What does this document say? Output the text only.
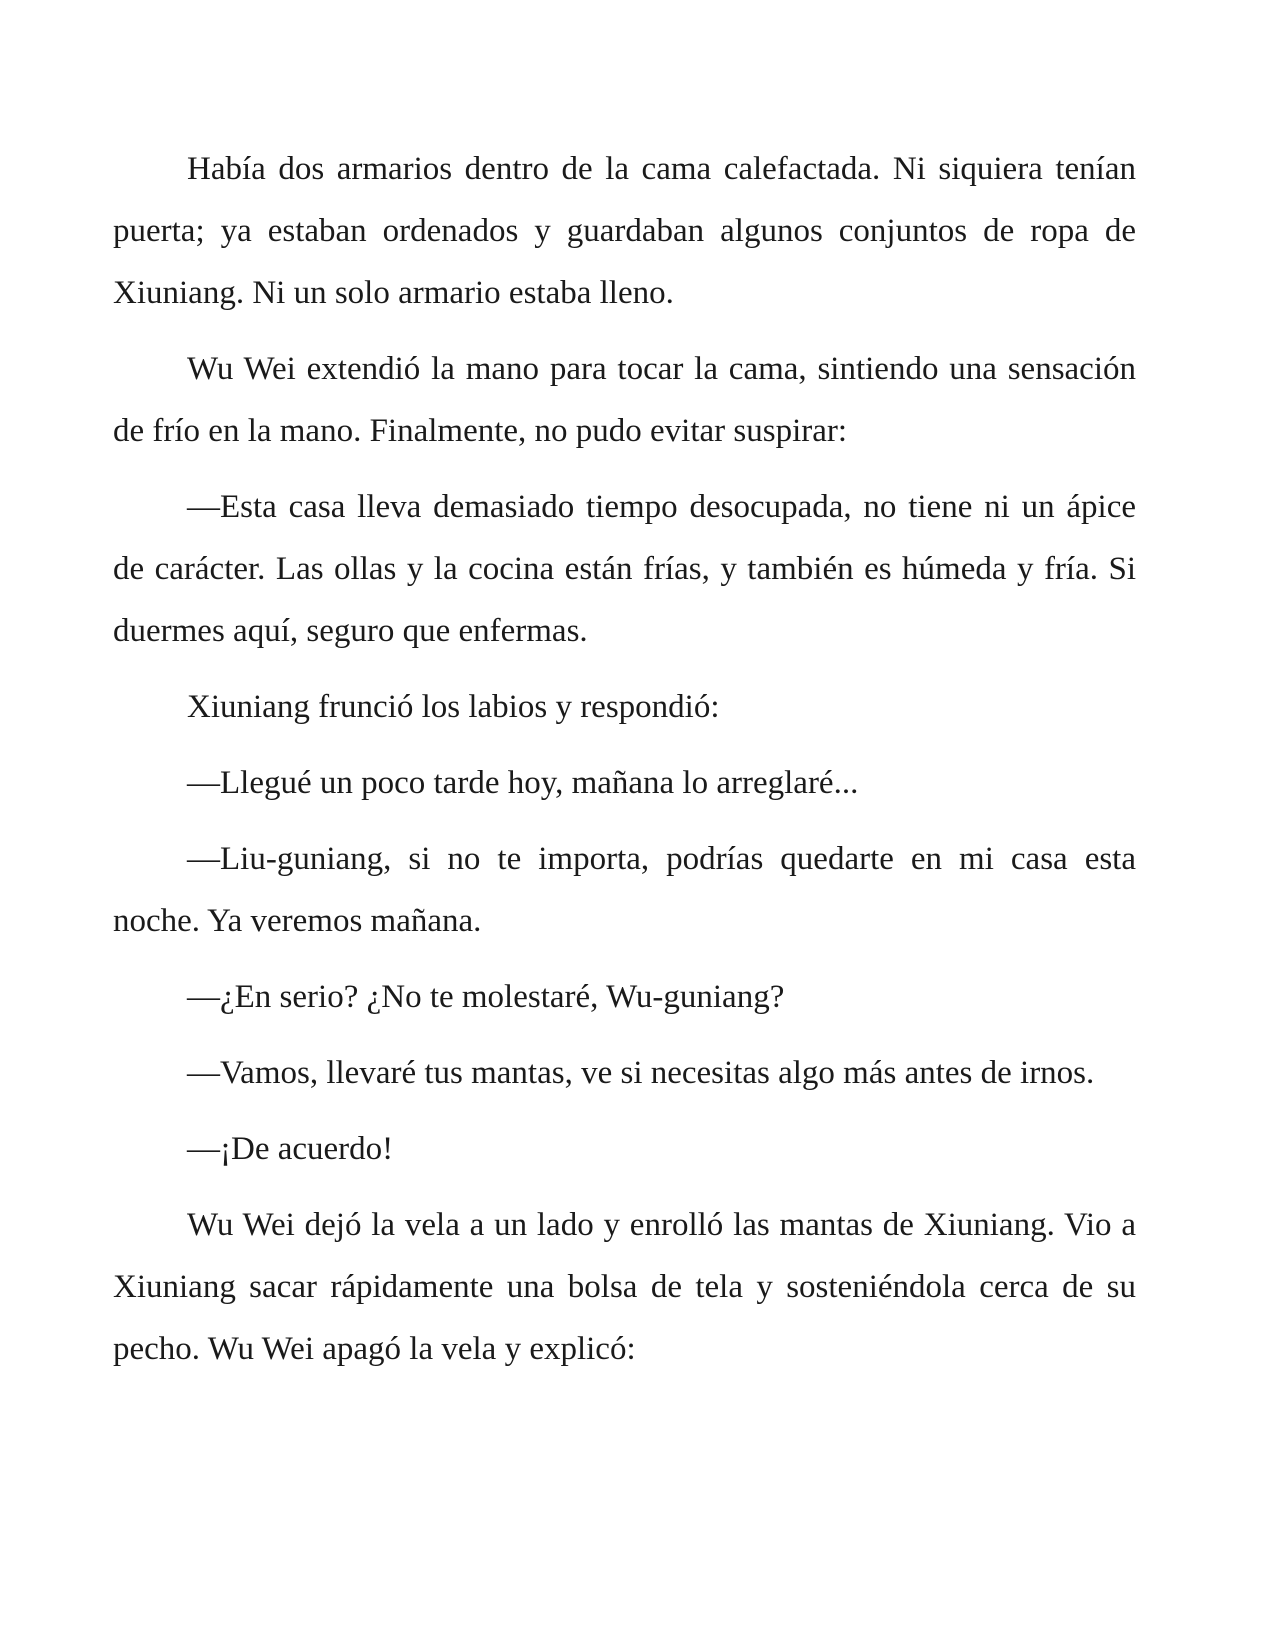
Había dos armarios dentro de la cama calefactada. Ni siquiera tenían puerta; ya estaban ordenados y guardaban algunos conjuntos de ropa de Xiuniang. Ni un solo armario estaba lleno.

Wu Wei extendió la mano para tocar la cama, sintiendo una sensación de frío en la mano. Finalmente, no pudo evitar suspirar:

—Esta casa lleva demasiado tiempo desocupada, no tiene ni un ápice de carácter. Las ollas y la cocina están frías, y también es húmeda y fría. Si duermes aquí, seguro que enfermas.

Xiuniang frunció los labios y respondió:

—Llegué un poco tarde hoy, mañana lo arreglaré...

—Liu-guniang, si no te importa, podrías quedarte en mi casa esta noche. Ya veremos mañana.

—¿En serio? ¿No te molestaré, Wu-guniang?

—Vamos, llevaré tus mantas, ve si necesitas algo más antes de irnos.

—¡De acuerdo!

Wu Wei dejó la vela a un lado y enrolló las mantas de Xiuniang. Vio a Xiuniang sacar rápidamente una bolsa de tela y sosteniéndola cerca de su pecho. Wu Wei apagó la vela y explicó:
